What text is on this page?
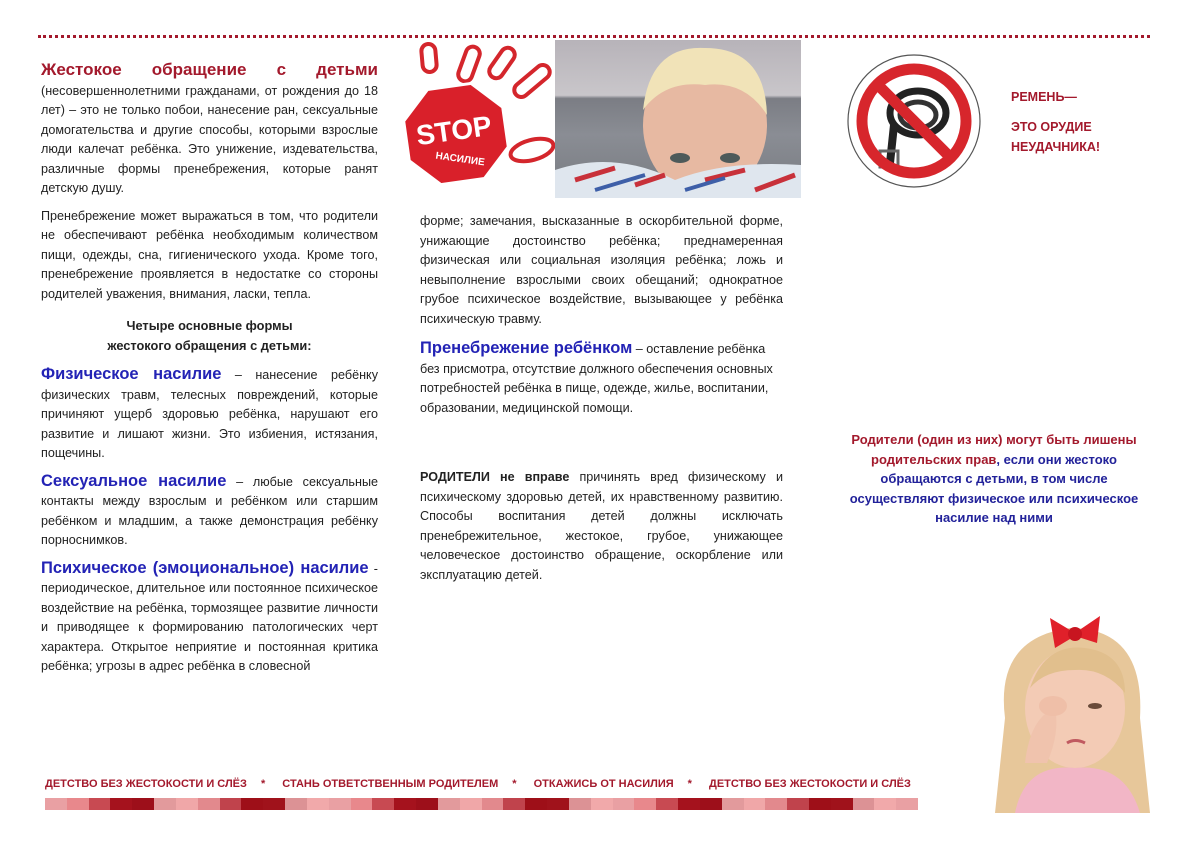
Жестокое обращение с детьми (несовершеннолетними гражданами, от рождения до 18 лет) – это не только побои, нанесение ран, сексуальные домогательства и другие способы, которыми взрослые люди калечат ребёнка. Это унижение, издевательства, различные формы пренебрежения, которые ранят детскую душу.

Пренебрежение может выражаться в том, что родители не обеспечивают ребёнка необходимым количеством пищи, одежды, сна, гигиенического ухода. Кроме того, пренебрежение проявляется в недостатке со стороны родителей уважения, внимания, ласки, тепла.

Четыре основные формы
жестокого обращения с детьми:

Физическое насилие – нанесение ребёнку физических травм, телесных повреждений, которые причиняют ущерб здоровью ребёнка, нарушают его развитие и лишают жизни. Это избиения, истязания, пощечины.

Сексуальное насилие – любые сексуальные контакты между взрослым и ребёнком или старшим ребёнком и младшим, а также демонстрация ребёнку порноснимков.

Психическое (эмоциональное) насилие - периодическое, длительное или постоянное психическое воздействие на ребёнка, тормозящее развитие личности и приводящее к формированию патологических черт характера. Открытое неприятие и постоянная критика ребёнка; угрозы в адрес ребёнка в словесной

STOP
НАСИЛИЕ

форме; замечания, высказанные в оскорбительной форме, унижающие достоинство ребёнка; преднамеренная физическая или социальная изоляция ребёнка; ложь и невыполнение взрослыми своих обещаний; однократное грубое психическое воздействие, вызывающее у ребёнка психическую травму.

Пренебрежение ребёнком – оставление ребёнка без присмотра, отсутствие должного обеспечения основных потребностей ребёнка в пище, одежде, жилье, воспитании, образовании, медицинской помощи.

РОДИТЕЛИ не вправе причинять вред физическому и психическому здоровью детей, их нравственному развитию. Способы воспитания детей должны исключать пренебрежительное, жестокое, грубое, унижающее человеческое достоинство обращение, оскорбление или эксплуатацию детей.

РЕМЕНЬ—
ЭТО ОРУДИЕ
НЕУДАЧНИКА!
Родители (один из них) могут быть лишены родительских прав, если они жестоко обращаются с детьми, в том числе осуществляют физическое или психическое насилие над ними
ДЕТСТВО БЕЗ ЖЕСТОКОСТИ И СЛЁЗ * СТАНЬ ОТВЕТСТВЕННЫМ РОДИТЕЛЕМ * ОТКАЖИСЬ ОТ НАСИЛИЯ * ДЕТСТВО БЕЗ ЖЕСТОКОСТИ И СЛЁЗ
